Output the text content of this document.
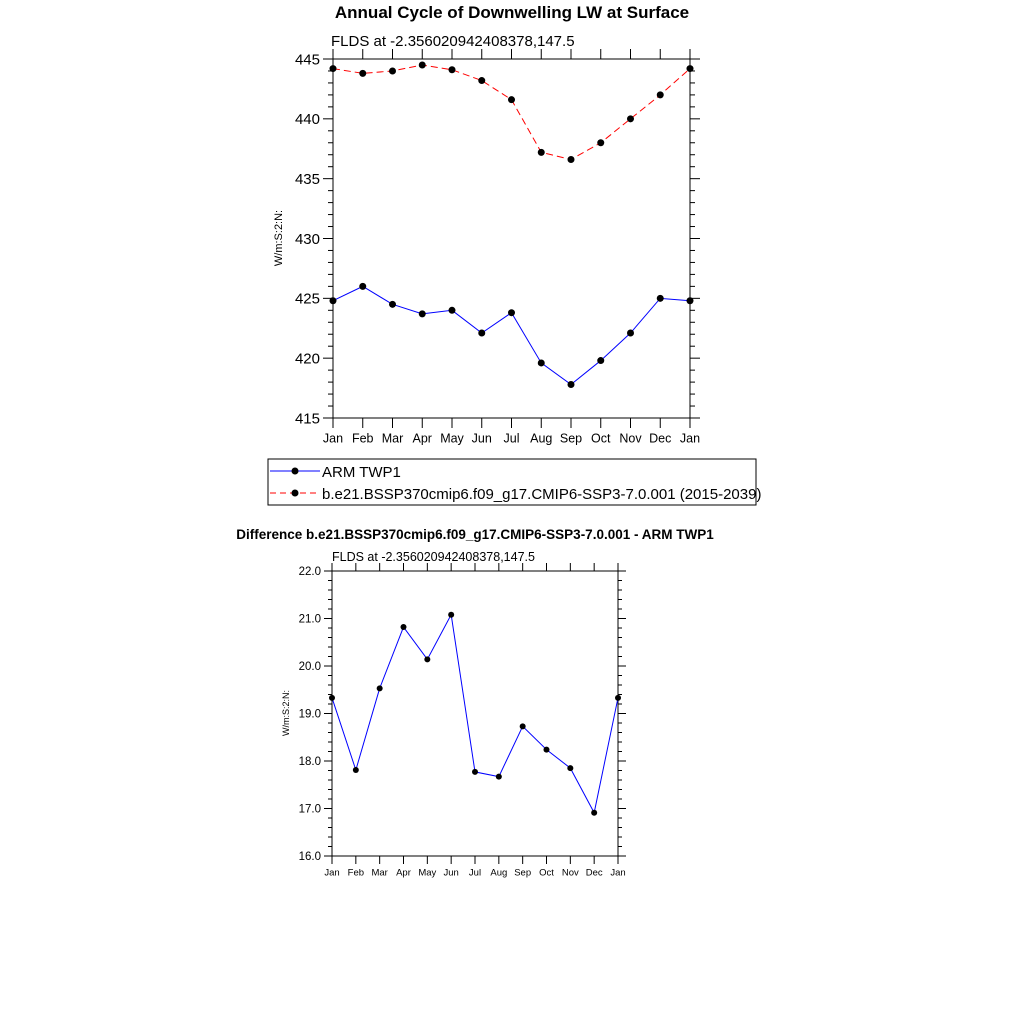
Annual Cycle of Downwelling LW at Surface
FLDS at -2.356020942408378,147.5
W/m:S:2:N:
415
420
425
430
435
440
445
Jan Feb Mar Apr May Jun Jul Aug Sep Oct Nov Dec Jan
ARM TWP1
b.e21.BSSP370cmip6.f09_g17.CMIP6-SSP3-7.0.001 (2015-2039)
Difference b.e21.BSSP370cmip6.f09_g17.CMIP6-SSP3-7.0.001 - ARM TWP1
FLDS at -2.356020942408378,147.5
W/m:S:2:N:
16.0
17.0
18.0
19.0
20.0
21.0
22.0
Jan Feb Mar Apr May Jun Jul Aug Sep Oct Nov Dec Jan
